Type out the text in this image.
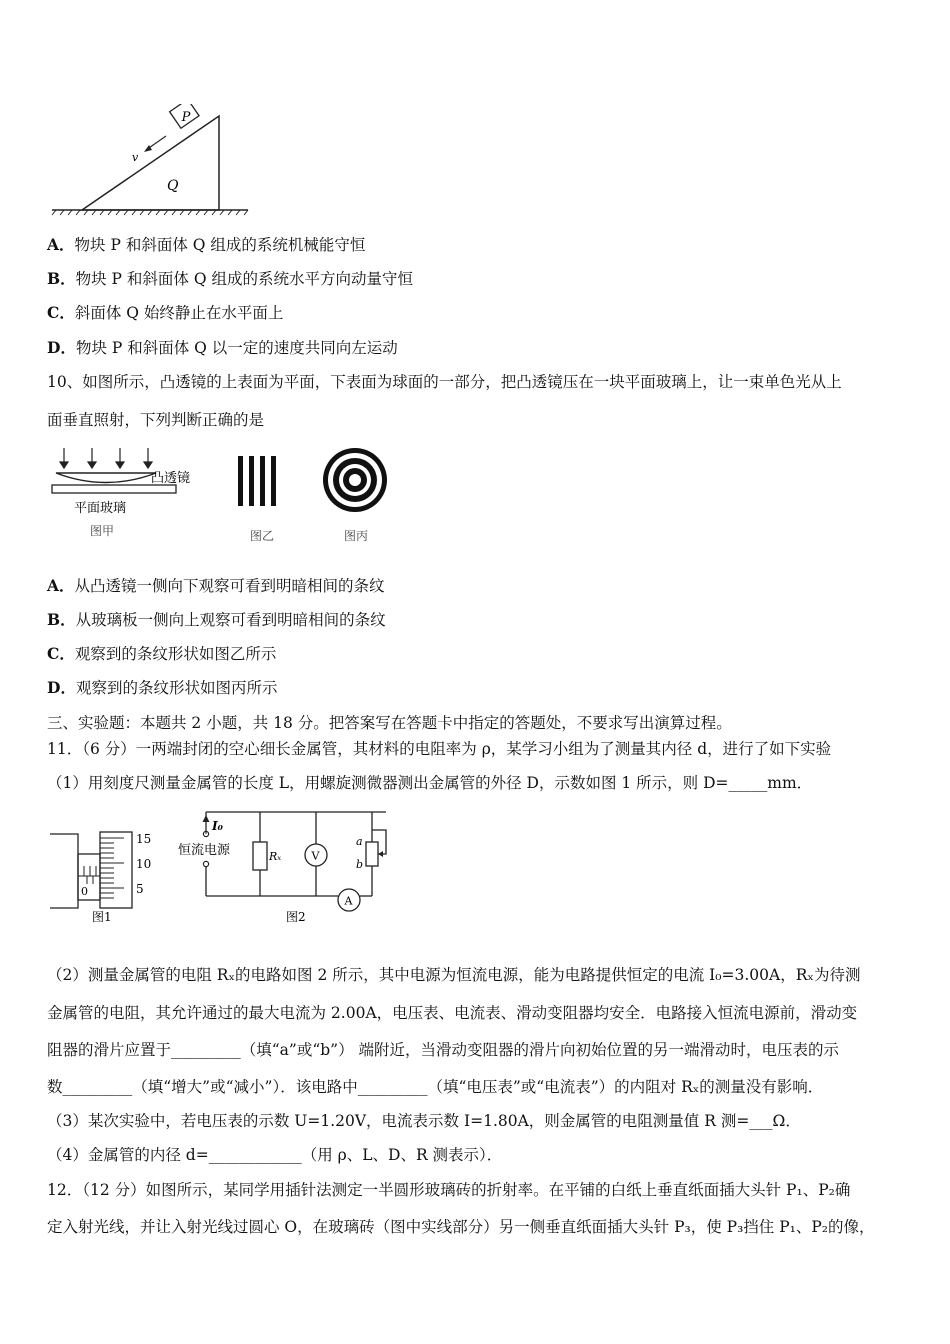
P
Q
v
A．物块 P 和斜面体 Q 组成的系统机械能守恒
B．物块 P 和斜面体 Q 组成的系统水平方向动量守恒
C．斜面体 Q 始终静止在水平面上
D．物块 P 和斜面体 Q 以一定的速度共同向左运动
10、如图所示，凸透镜的上表面为平面，下表面为球面的一部分，把凸透镜压在一块平面玻璃上，让一束单色光从上
面垂直照射，下列判断正确的是
凸透镜
平面玻璃
图甲	图乙	图丙
A．从凸透镜一侧向下观察可看到明暗相间的条纹
B．从玻璃板一侧向上观察可看到明暗相间的条纹
C．观察到的条纹形状如图乙所示
D．观察到的条纹形状如图丙所示
三、实验题：本题共 2 小题，共 18 分。把答案写在答题卡中指定的答题处，不要求写出演算过程。
11．（6 分）一两端封闭的空心细长金属管，其材料的电阻率为 ρ，某学习小组为了测量其内径 d，进行了如下实验
（1）用刻度尺测量金属管的长度 L，用螺旋测微器测出金属管的外径 D，示数如图 1 所示，则 D=_____mm．
15
10
5
0
图1
I₀
恒流电源	Rₓ	V
a
b
A
图2
（2）测量金属管的电阻 Rₓ的电路如图 2 所示，其中电源为恒流电源，能为电路提供恒定的电流 I₀=3.00A，Rₓ为待测
金属管的电阻，其允许通过的最大电流为 2.00A，电压表、电流表、滑动变阻器均安全．电路接入恒流电源前，滑动变
阻器的滑片应置于_________（填“a”或“b”） 端附近，当滑动变阻器的滑片向初始位置的另一端滑动时，电压表的示
数_________（填“增大”或“减小”）．该电路中_________（填“电压表”或“电流表”）的内阻对 Rₓ的测量没有影响．
（3）某次实验中，若电压表的示数 U=1.20V，电流表示数 I=1.80A，则金属管的电阻测量值 R 测=___Ω．
（4）金属管的内径 d=____________（用 ρ、L、D、R 测表示）．
12．（12 分）如图所示，某同学用插针法测定一半圆形玻璃砖的折射率。在平铺的白纸上垂直纸面插大头针 P₁、P₂确
定入射光线，并让入射光线过圆心 O，在玻璃砖（图中实线部分）另一侧垂直纸面插大头针 P₃，使 P₃挡住 P₁、P₂的像，
